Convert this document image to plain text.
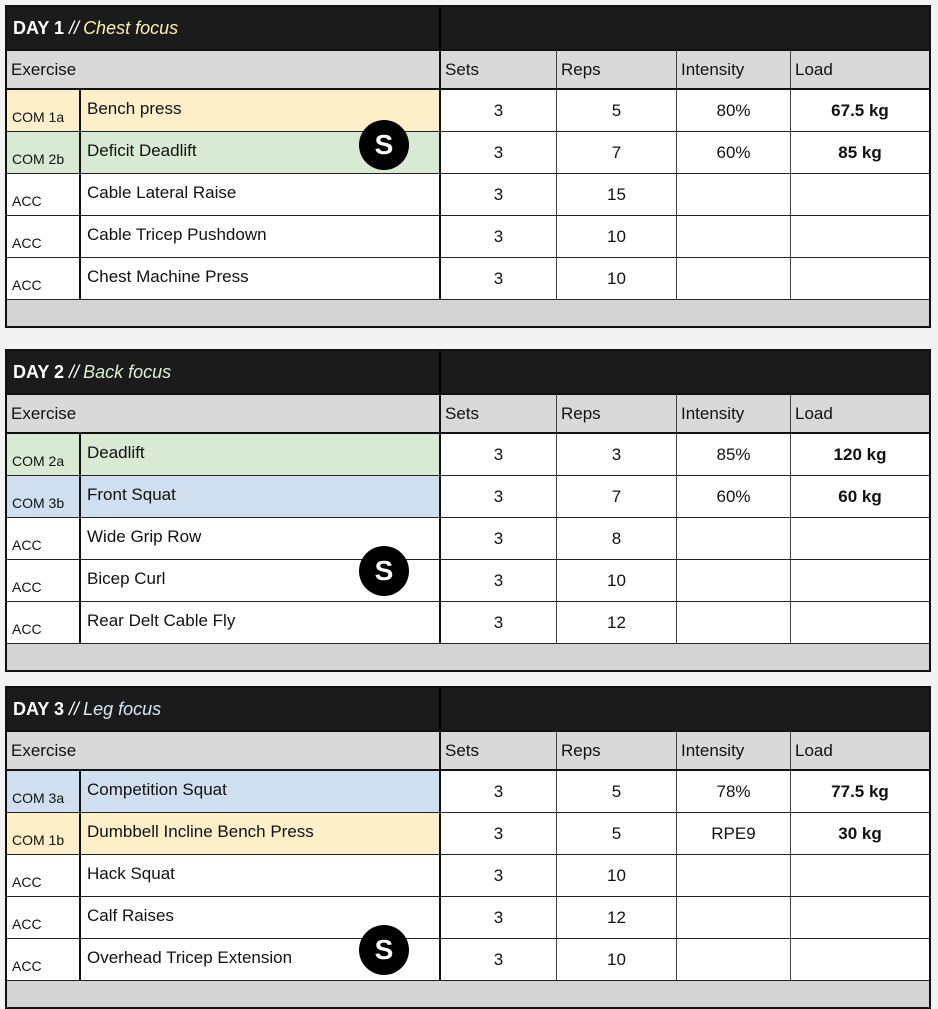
DAY 1 // Chest focus
Exercise	Sets	Reps	Intensity	Load
COM 1a	Bench press	3	5	80%	67.5 kg
COM 2b	Deficit Deadlift	3	7	60%	85 kg
S
ACC	Cable Lateral Raise	3	15
ACC	Cable Tricep Pushdown	3	10
ACC	Chest Machine Press	3	10
DAY 2 // Back focus
Exercise	Sets	Reps	Intensity	Load
COM 2a	Deadlift	3	3	85%	120 kg
COM 3b	Front Squat	3	7	60%	60 kg
ACC	Wide Grip Row	3	8
ACC	Bicep Curl	3	10
S
ACC	Rear Delt Cable Fly	3	12
DAY 3 // Leg focus
Exercise	Sets	Reps	Intensity	Load
COM 3a	Competition Squat	3	5	78%	77.5 kg
COM 1b	Dumbbell Incline Bench Press	3	5	RPE9	30 kg
ACC	Hack Squat	3	10
ACC	Calf Raises	3	12
ACC	Overhead Tricep Extension	3	10
S
